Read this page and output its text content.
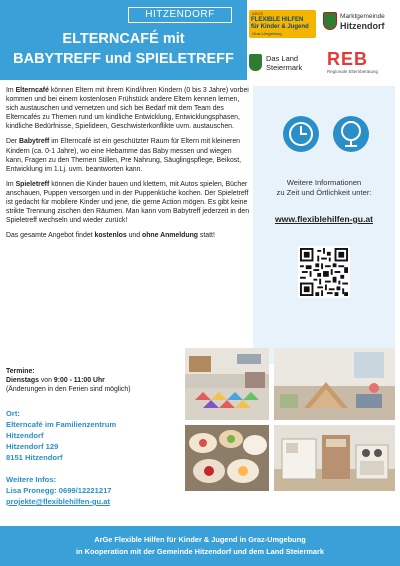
HITZENDORF
ELTERNCAFÉ mit
BABYTREFF und SPIELETREFF
ARGE
FLEXIBLE HILFEN
für Kinder & Jugend
Graz-Umgebung
Marktgemeinde
Hitzendorf
Das Land
Steiermark REB
Regionale Elternberatung

Im Elterncafé können Eltern mit ihrem Kind/ihren Kindern (0 bis 3 Jahre) vorbei kommen und bei einem kostenlosen Frühstück andere Eltern kennen lernen, sich austauschen und vernetzen und sich bei Bedarf mit dem Team des Elterncafés zu Themen rund um kindliche Entwicklung, Entwicklungsphasen, kindliche Bedürfnisse, Spielideen, Geschwisterkonflikte uvm. austauschen.

Der Babytreff im Elterncafé ist ein geschützter Raum für Eltern mit kleineren Kindern (ca. 0-1 Jahre), wo eine Hebamme das Baby messen und wiegen kann, Fragen zu den Themen Stillen, Pre Nahrung, Säuglingspflege, Beikost, Entwicklung im 1.Lj. uvm. beantworten kann.

Im Spieletreff können die Kinder bauen und klettern, mit Autos spielen, Bücher anschauen, Puppen versorgen und in der Puppenküche kochen. Der Spieletreff ist gedacht für mobilere Kinder und jene, die gerne Action mögen. Es gibt keine strikte Trennung zischen den Räumen. Man kann vom Babytreff jederzeit in den Spieletreff wechseln und wieder zurück!

Das gesamte Angebot findet kostenlos und ohne Anmeldung statt!

Termine:
Dienstags von 9:00 - 11:00 Uhr
(Änderungen in den Ferien sind möglich)
Ort:
Elterncafé im Familienzentrum
Hitzendorf
Hitzendorf 129
8151 Hitzendorf
Weitere Infos:
Lisa Pronegg: 0699/12221217
projekte@flexiblehilfen-gu.at
Weitere Informationen
zu Zeit und Örtlichkeit unter:
www.flexiblehilfen-gu.at
ArGe Flexible Hilfen für Kinder & Jugend in Graz-Umgebung
in Kooperation mit der Gemeinde Hitzendorf und dem Land Steiermark
